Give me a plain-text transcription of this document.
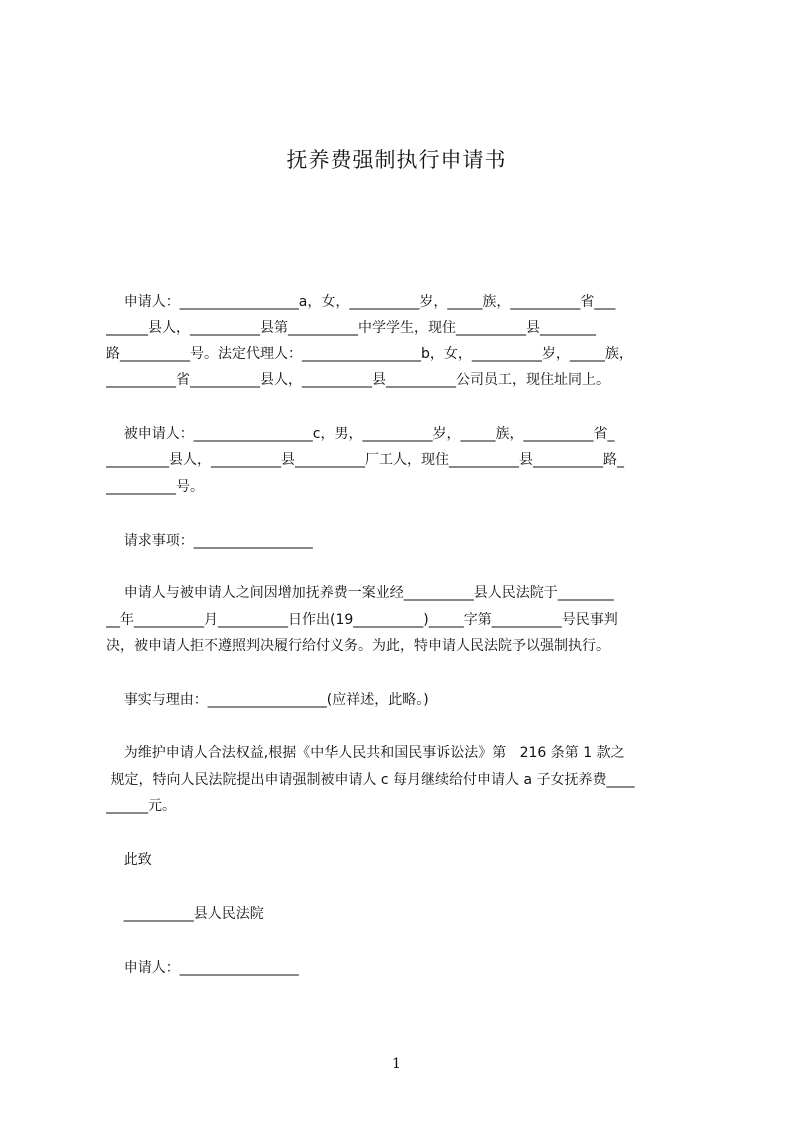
抚养费强制执行申请书
申请人：_________________a，女，__________岁，_____族，__________省___
______县人，__________县第__________中学学生，现住__________县________
路__________号。法定代理人：_________________b，女，__________岁，_____族，
__________省__________县人，__________县__________公司员工，现住址同上。
被申请人：_________________c，男，__________岁，_____族，__________省_
_________县人，__________县__________厂工人，现住__________县__________路_
__________号。
请求事项：_________________
申请人与被申请人之间因增加抚养费一案业经__________县人民法院于________
__年__________月__________日作出(19__________)_____字第__________号民事判
决，被申请人拒不遵照判决履行给付义务。为此，特申请人民法院予以强制执行。
事实与理由：_________________(应祥述，此略。)
为维护申请人合法权益,根据《中华人民共和国民事诉讼法》第   216 条第 1 款之
规定，特向人民法院提出申请强制被申请人 c 每月继续给付申请人 a 子女抚养费____
______元。
此致
__________县人民法院
申请人：_________________
1
